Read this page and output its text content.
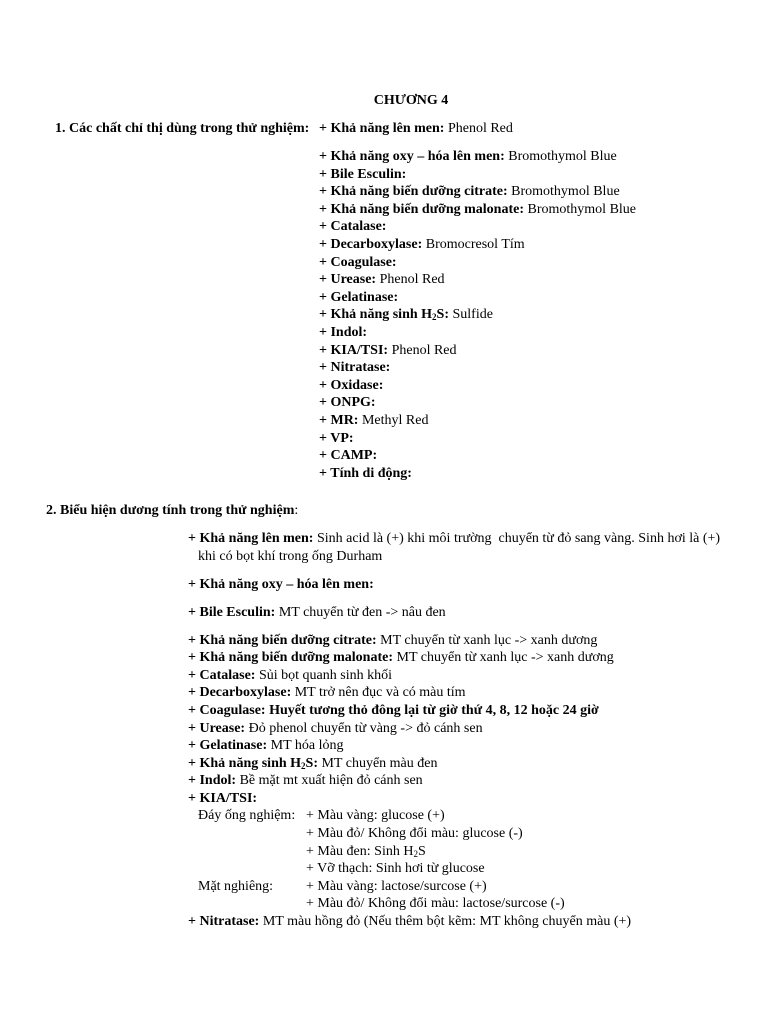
CHƯƠNG 4
1. Các chất chỉ thị dùng trong thử nghiệm: + Khả năng lên men: Phenol Red
+ Khả năng oxy – hóa lên men: Bromothymol Blue
+ Bile Esculin:
+ Khả năng biến dưỡng citrate: Bromothymol Blue
+ Khả năng biến dưỡng malonate: Bromothymol Blue
+ Catalase:
+ Decarboxylase: Bromocresol Tím
+ Coagulase:
+ Urease: Phenol Red
+ Gelatinase:
+ Khả năng $\sinh H_2S$: Sulfide
+ Indol:
+ KIA/TSI: Phenol Red
+ Nitratase:
+ Oxidase:
+ ONPG:
+ MR: Methyl Red
+ VP:
+ CAMP:
+ Tính di động:
2. Biểu hiện dương tính trong thử nghiệm:
+ Khả năng lên men: Sinh acid là (+) khi môi trường  chuyển từ đỏ sang vàng. Sinh hơi là (+)
khi có bọt khí trong ống Durham
+ Khả năng oxy – hóa lên men:
+ Bile Esculin: MT chuyển từ đen -> nâu đen
+ Khả năng biến dưỡng citrate: MT chuyển từ xanh lục -> xanh dương
+ Khả năng biến dưỡng malonate: MT chuyển từ xanh lục -> xanh dương
+ Catalase: Sủi bọt quanh sinh khối
+ Decarboxylase: MT trở nên đục và có màu tím
+ Coagulase: Huyết tương thỏ đông lại từ giờ thứ 4, 8, 12 hoặc 24 giờ
+ Urease: Đỏ phenol chuyển từ vàng -> đỏ cánh sen
+ Gelatinase: MT hóa lỏng
+ Khả năng $\sinh H_2S$: MT chuyển màu đen
+ Indol: Bề mặt mt xuất hiện đỏ cánh sen
+ KIA/TSI:
Đáy ống nghiệm: + Màu vàng: glucose (+)
+ Màu đỏ/ Không đổi màu: glucose (-)
+ Màu đen: Sinh $H_2S$
+ Vỡ thạch: Sinh hơi từ glucose
Mặt nghiêng:	+ Màu vàng: lactose/surcose (+)
+ Màu đỏ/ Không đổi màu: lactose/surcose (-)
+ Nitratase: MT màu hồng đỏ (Nếu thêm bột kẽm: MT không chuyển màu (+)
